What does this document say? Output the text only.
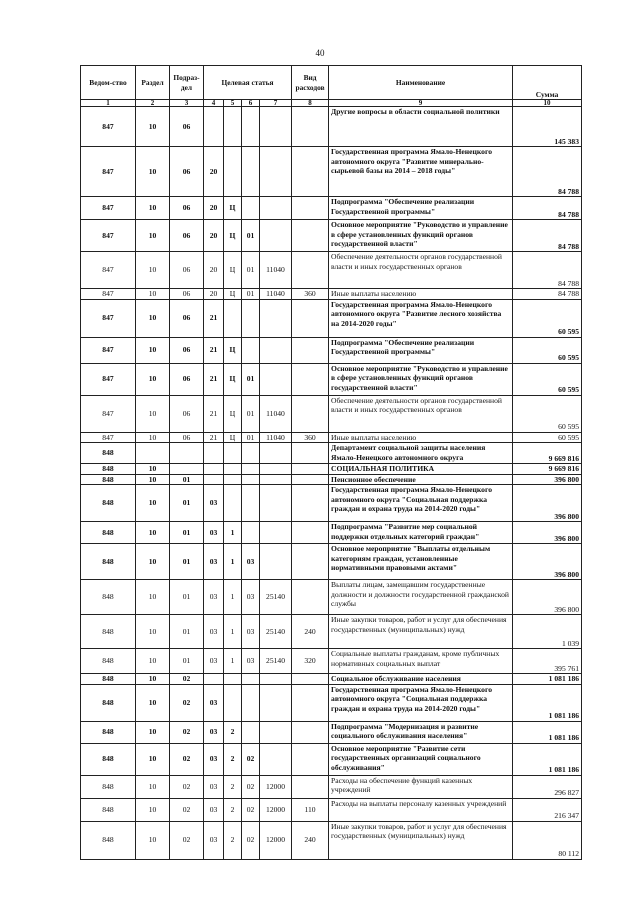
40
Ведом-ство	Раздел	Подраз-дел	Целевая статья				Вид расходов	Наименование	Сумма
1	2	3	4	5	6	7	8	9	10
847	10	06						Другие вопросы в области социальной политики	145 383
847	10	06	20					Государственная программа Ямало-Ненецкого автономного округа "Развитие минерально-сырьевой базы на 2014 – 2018 годы"	84 788
847	10	06	20	Ц				Подпрограмма "Обеспечение реализации Государственной программы"	84 788
847	10	06	20	Ц	01			Основное мероприятие "Руководство и управление в сфере установленных функций органов государственной власти"	84 788
847	10	06	20	Ц	01	11040		Обеспечение деятельности органов государственной власти и иных государственных органов	84 788
847	10	06	20	Ц	01	11040	360	Иные выплаты населению	84 788
847	10	06	21					Государственная программа Ямало-Ненецкого автономного округа "Развитие лесного хозяйства на 2014-2020 годы"	60 595
847	10	06	21	Ц				Подпрограмма "Обеспечение реализации Государственной программы"	60 595
847	10	06	21	Ц	01			Основное мероприятие "Руководство и управление в сфере установленных функций органов государственной власти"	60 595
847	10	06	21	Ц	01	11040		Обеспечение деятельности органов государственной власти и иных государственных органов	60 595
847	10	06	21	Ц	01	11040	360	Иные выплаты населению	60 595
848								Департамент социальной защиты населения Ямало-Ненецкого автономного округа	9 669 816
848	10							СОЦИАЛЬНАЯ ПОЛИТИКА	9 669 816
848	10	01						Пенсионное обеспечение	396 800
848	10	01	03					Государственная программа Ямало-Ненецкого автономного округа "Социальная поддержка граждан и охрана труда на 2014-2020 годы"	396 800
848	10	01	03	1				Подпрограмма "Развитие мер социальной поддержки отдельных категорий граждан"	396 800
848	10	01	03	1	03			Основное мероприятие "Выплаты отдельным категориям граждан, установленные нормативными правовыми актами"	396 800
848	10	01	03	1	03	25140		Выплаты лицам, замещавшим государственные должности и должности государственной гражданской службы	396 800
848	10	01	03	1	03	25140	240	Иные закупки товаров, работ и услуг для обеспечения государственных (муниципальных) нужд	1 039
848	10	01	03	1	03	25140	320	Социальные выплаты гражданам, кроме публичных нормативных социальных выплат	395 761
848	10	02						Социальное обслуживание населения	1 081 186
848	10	02	03					Государственная программа Ямало-Ненецкого автономного округа "Социальная поддержка граждан и охрана труда на 2014-2020 годы"	1 081 186
848	10	02	03	2				Подпрограмма "Модернизация и развитие социального обслуживания населения"	1 081 186
848	10	02	03	2	02			Основное мероприятие "Развитие сети государственных организаций социального обслуживания"	1 081 186
848	10	02	03	2	02	12000		Расходы на обеспечение функций казенных учреждений	296 827
848	10	02	03	2	02	12000	110	Расходы на выплаты персоналу казенных учреждений	216 347
848	10	02	03	2	02	12000	240	Иные закупки товаров, работ и услуг для обеспечения государственных (муниципальных) нужд	80 112
